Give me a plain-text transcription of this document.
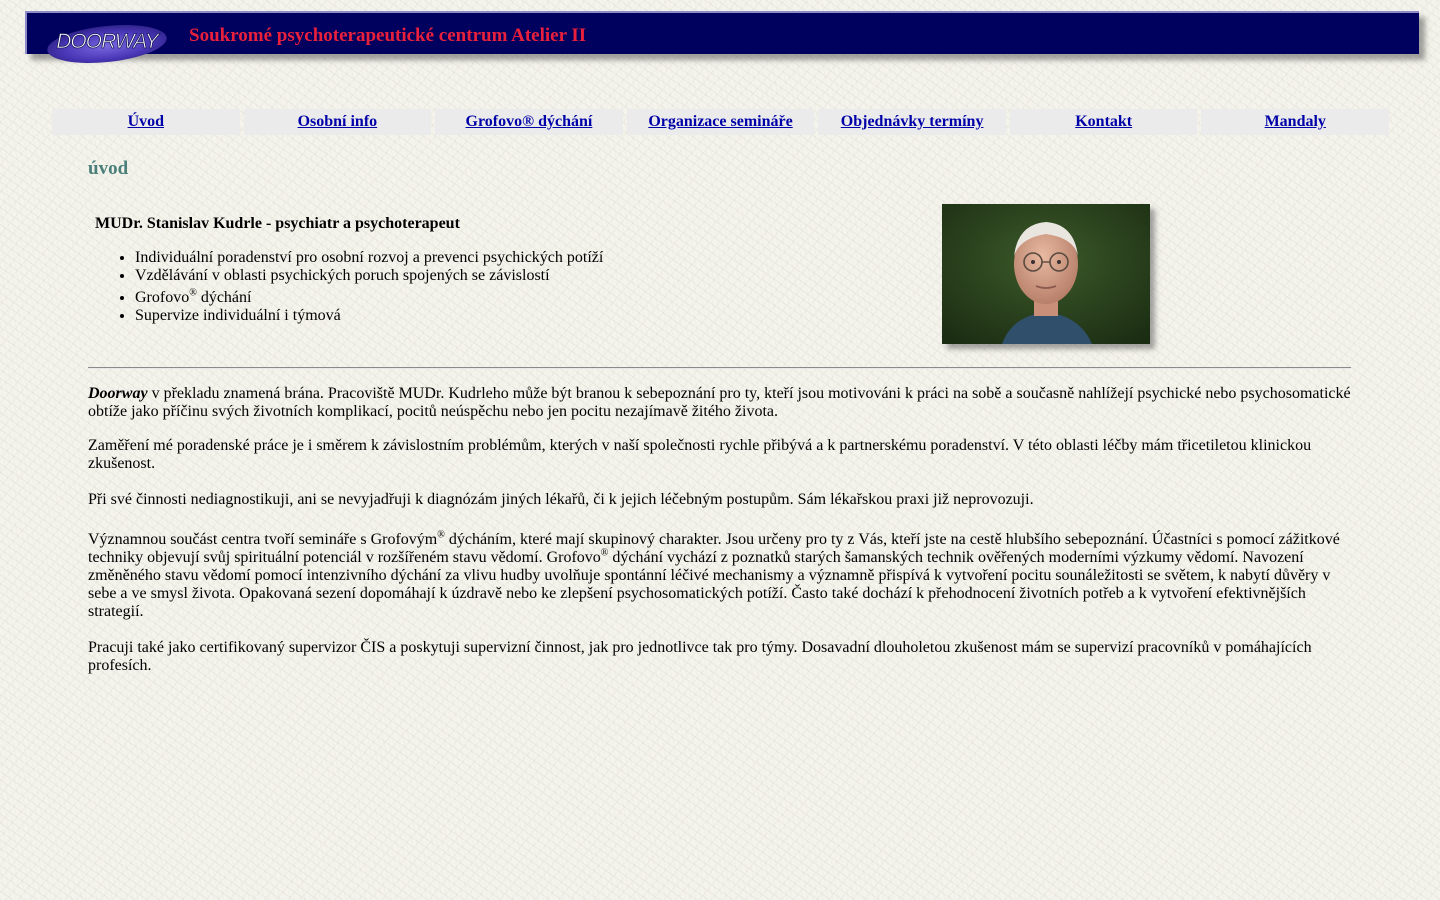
DOORWAY Soukromé psychoterapeutické centrum Atelier II
Úvod	Osobní info	Grofovo® dýchání	Organizace semináře	Objednávky termíny	Kontakt	Mandaly
úvod
MUDr. Stanislav Kudrle - psychiatr a psychoterapeut
• Individuální poradenství pro osobní rozvoj a prevenci psychických potíží
• Vzdělávání v oblasti psychických poruch spojených se závislostí
• Grofovo® dýchání
• Supervize individuální i týmová

Doorway v překladu znamená brána. Pracoviště MUDr. Kudrleho může být branou k sebepoznání pro ty, kteří jsou motivováni k práci na sobě a současně nahlížejí psychické nebo psychosomatické obtíže jako příčinu svých životních komplikací, pocitů neúspěchu nebo jen pocitu nezajímavě žitého života.

Zaměření mé poradenské práce je i směrem k závislostním problémům, kterých v naší společnosti rychle přibývá a k partnerskému poradenství. V této oblasti léčby mám třicetiletou klinickou zkušenost.

Při své činnosti nediagnostikuji, ani se nevyjadřuji k diagnózám jiných lékařů, či k jejich léčebným postupům. Sám lékařskou praxi již neprovozuji.

Významnou součást centra tvoří semináře s Grofovým® dýcháním, které mají skupinový charakter. Jsou určeny pro ty z Vás, kteří jste na cestě hlubšího sebepoznání. Účastníci s pomocí zážitkové techniky objevují svůj spirituální potenciál v rozšířeném stavu vědomí. Grofovo® dýchání vychází z poznatků starých šamanských technik ověřených moderními výzkumy vědomí. Navození změněného stavu vědomí pomocí intenzivního dýchání za vlivu hudby uvolňuje spontánní léčivé mechanismy a významně přispívá k vytvoření pocitu sounáležitosti se světem, k nabytí důvěry v sebe a ve smysl života. Opakovaná sezení dopomáhají k úzdravě nebo ke zlepšení psychosomatických potíží. Často také dochází k přehodnocení životních potřeb a k vytvoření efektivnějších strategií.

Pracuji také jako certifikovaný supervizor ČIS a poskytuji supervizní činnost, jak pro jednotlivce tak pro týmy. Dosavadní dlouholetou zkušenost mám se supervizí pracovníků v pomáhajících profesích.
